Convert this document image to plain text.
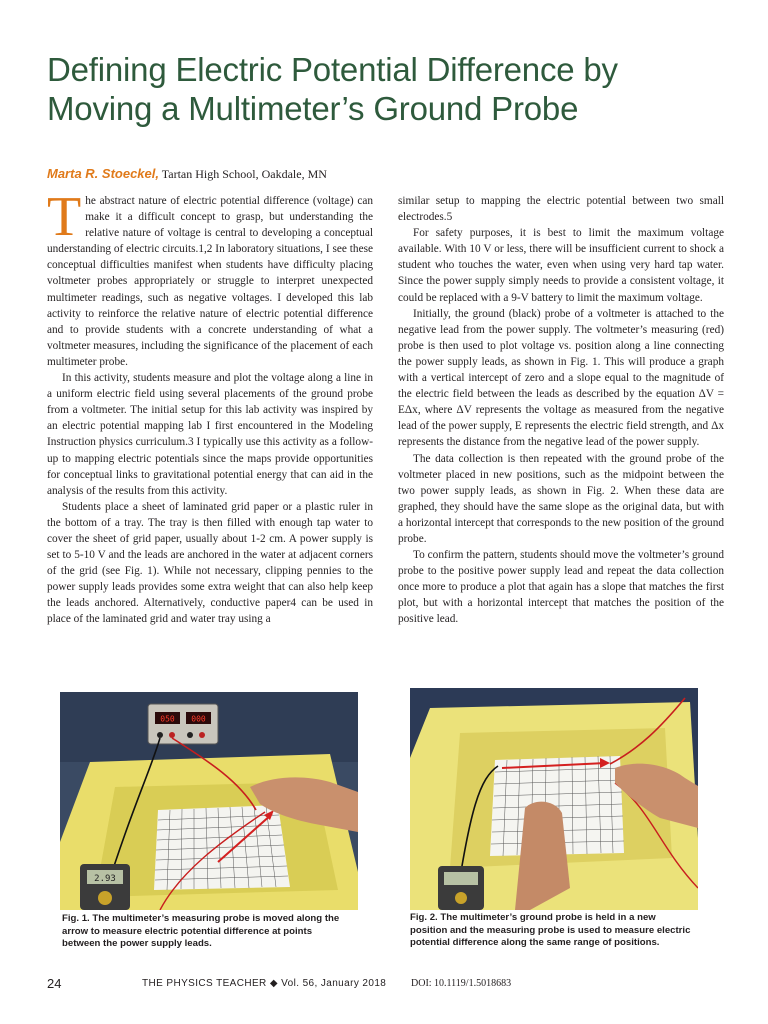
Defining Electric Potential Difference by Moving a Multimeter’s Ground Probe
Marta R. Stoeckel, Tartan High School, Oakdale, MN
T he abstract nature of electric potential difference (voltage) can make it a difficult concept to grasp, but understanding the relative nature of voltage is central to developing a conceptual understanding of electric circuits.1,2 In laboratory situations, I see these conceptual difficulties manifest when students have difficulty placing voltmeter probes appropriately or struggle to interpret unexpected multimeter readings, such as negative voltages. I developed this lab activity to reinforce the relative nature of electric potential difference and to provide students with a concrete understanding of what a voltmeter measures, including the significance of the placement of each multimeter probe.

In this activity, students measure and plot the voltage along a line in a uniform electric field using several placements of the ground probe from a voltmeter. The initial setup for this lab activity was inspired by an electric potential mapping lab I first encountered in the Modeling Instruction physics curriculum.3 I typically use this activity as a follow-up to mapping electric potentials since the maps provide opportunities for conceptual links to gravitational potential energy that can aid in the analysis of the results from this activity.

Students place a sheet of laminated grid paper or a plastic ruler in the bottom of a tray. The tray is then filled with enough tap water to cover the sheet of grid paper, usually about 1-2 cm. A power supply is set to 5-10 V and the leads are anchored in the water at adjacent corners of the grid (see Fig. 1). While not necessary, clipping pennies to the power supply leads provides some extra weight that can also help keep the leads anchored. Alternatively, conductive paper4 can be used in place of the laminated grid and water tray using a

similar setup to mapping the electric potential between two small electrodes.5

For safety purposes, it is best to limit the maximum voltage available. With 10 V or less, there will be insufficient current to shock a student who touches the water, even when using very hard tap water. Since the power supply simply needs to provide a consistent voltage, it could be replaced with a 9-V battery to limit the maximum voltage.

Initially, the ground (black) probe of a voltmeter is attached to the negative lead from the power supply. The voltmeter’s measuring (red) probe is then used to plot voltage vs. position along a line connecting the power supply leads, as shown in Fig. 1. This will produce a graph with a vertical intercept of zero and a slope equal to the magnitude of the electric field between the leads as described by the equation ΔV = EΔx, where ΔV represents the voltage as measured from the negative lead of the power supply, E represents the electric field strength, and Δx represents the distance from the negative lead of the power supply.

The data collection is then repeated with the ground probe of the voltmeter placed in new positions, such as the midpoint between the two power supply leads, as shown in Fig. 2. When these data are graphed, they should have the same slope as the original data, but with a horizontal intercept that corresponds to the new position of the ground probe.

To confirm the pattern, students should move the voltmeter’s ground probe to the positive power supply lead and repeat the data collection once more to produce a plot that again has a slope that matches the first plot, but with a horizontal intercept that matches the position of the positive lead.

050 000
2.93
Fig. 1. The multimeter’s measuring probe is moved along the arrow to measure electric potential difference at points between the power supply leads.
Fig. 2. The multimeter’s ground probe is held in a new position and the measuring probe is used to measure electric potential difference along the same range of positions.
24	THE PHYSICS TEACHER ◆ Vol. 56, January 2018 DOI: 10.1119/1.5018683
